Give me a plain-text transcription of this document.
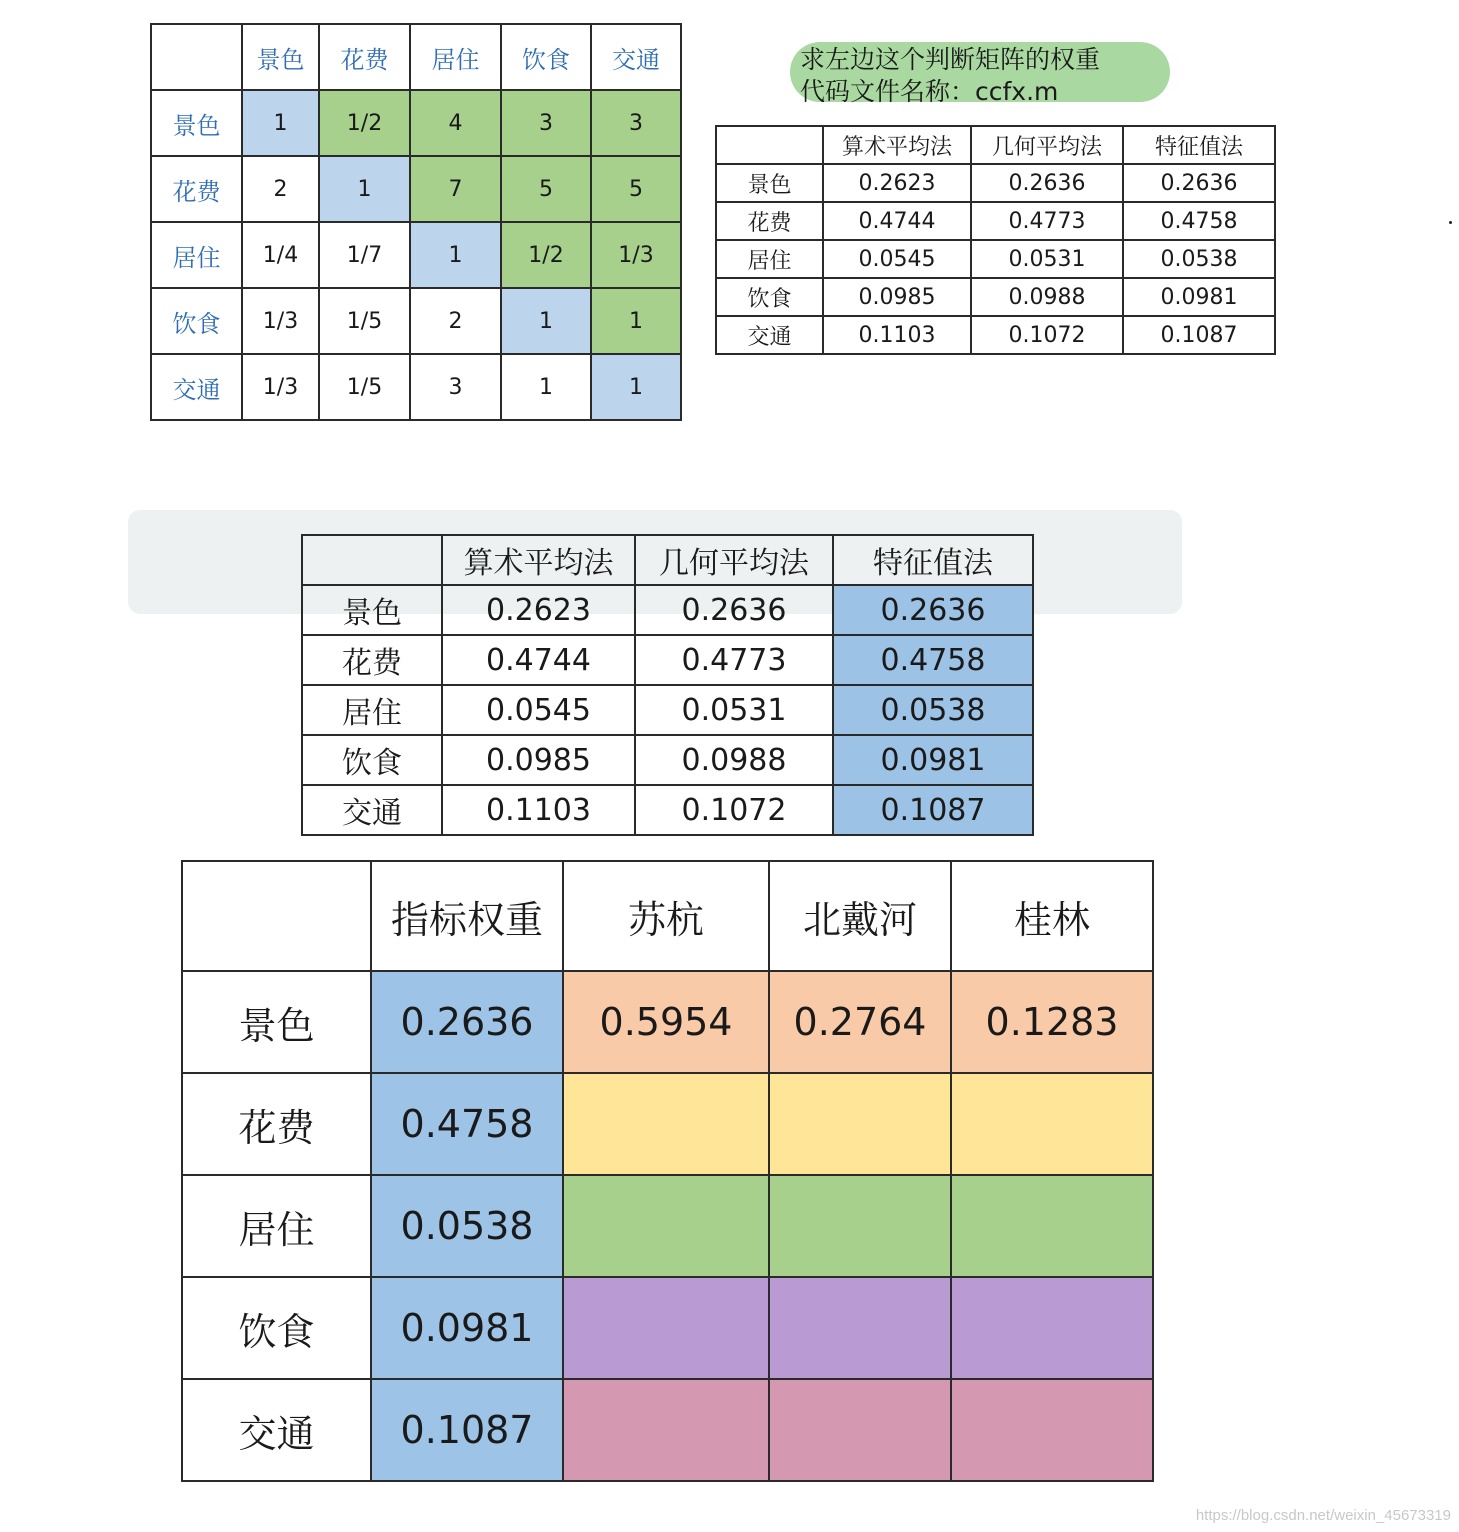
	景色	花费	居住	饮食	交通
景色	1	1/2	4	3	3
花费	2	1	7	5	5
居住	1/4	1/7	1	1/2	1/3
饮食	1/3	1/5	2	1	1
交通	1/3	1/5	3	1	1
求左边这个判断矩阵的权重
代码文件名称：ccfx.m
	算术平均法	几何平均法	特征值法
景色	0.2623	0.2636	0.2636
花费	0.4744	0.4773	0.4758
居住	0.0545	0.0531	0.0538
饮食	0.0985	0.0988	0.0981
交通	0.1103	0.1072	0.1087
	算术平均法	几何平均法	特征值法
景色	0.2623	0.2636	0.2636
花费	0.4744	0.4773	0.4758
居住	0.0545	0.0531	0.0538
饮食	0.0985	0.0988	0.0981
交通	0.1103	0.1072	0.1087
	指标权重	苏杭	北戴河	桂林
景色	0.2636	0.5954	0.2764	0.1283
花费	0.4758			
居住	0.0538			
饮食	0.0981			
交通	0.1087			
https://blog.csdn.net/weixin_45673319
